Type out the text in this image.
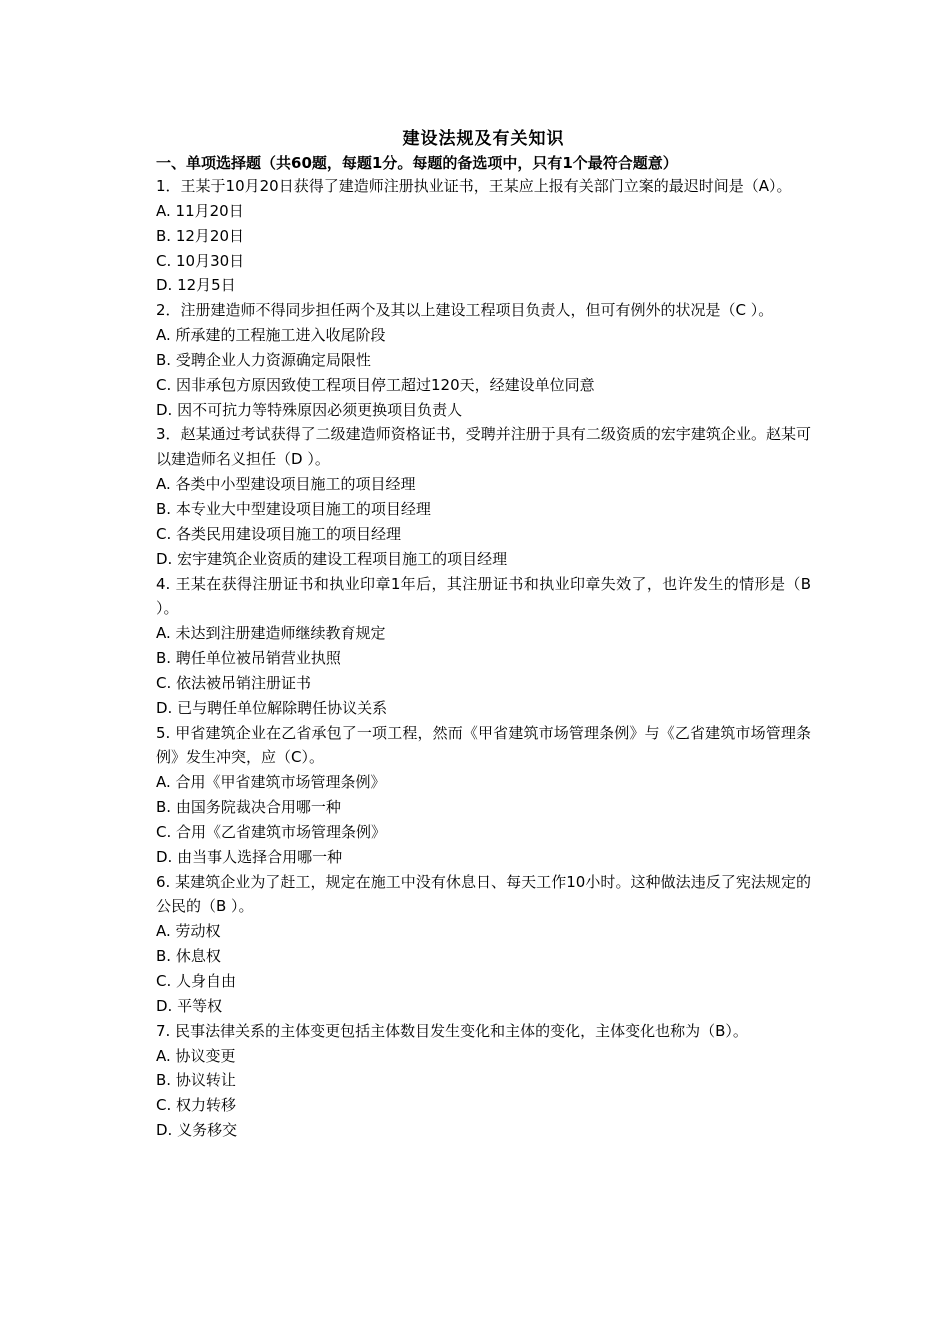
建设法规及有关知识

一、单项选择题（共60题，每题1分。每题的备选项中，只有1个最符合题意）

1．王某于10月20日获得了建造师注册执业证书，王某应上报有关部门立案的最迟时间是（A）。

A. 11月20日

B. 12月20日

C. 10月30日

D. 12月5日

2．注册建造师不得同步担任两个及其以上建设工程项目负责人，但可有例外的状况是（C ）。

A. 所承建的工程施工进入收尾阶段

B. 受聘企业人力资源确定局限性

C. 因非承包方原因致使工程项目停工超过120天，经建设单位同意

D. 因不可抗力等特殊原因必须更换项目负责人

3．赵某通过考试获得了二级建造师资格证书，受聘并注册于具有二级资质的宏宇建筑企业。赵某可以建造师名义担任（D ）。

A. 各类中小型建设项目施工的项目经理

B. 本专业大中型建设项目施工的项目经理

C. 各类民用建设项目施工的项目经理

D. 宏宇建筑企业资质的建设工程项目施工的项目经理

4. 王某在获得注册证书和执业印章1年后，其注册证书和执业印章失效了，也许发生的情形是（B ）。

A. 未达到注册建造师继续教育规定

B. 聘任单位被吊销营业执照

C. 依法被吊销注册证书

D. 已与聘任单位解除聘任协议关系

5. 甲省建筑企业在乙省承包了一项工程，然而《甲省建筑市场管理条例》与《乙省建筑市场管理条例》发生冲突，应（C）。

A. 合用《甲省建筑市场管理条例》

B. 由国务院裁决合用哪一种

C. 合用《乙省建筑市场管理条例》

D. 由当事人选择合用哪一种

6. 某建筑企业为了赶工，规定在施工中没有休息日、每天工作10小时。这种做法违反了宪法规定的公民的（B ）。

A. 劳动权

B. 休息权

C. 人身自由

D. 平等权

7. 民事法律关系的主体变更包括主体数目发生变化和主体的变化，主体变化也称为（B）。

A. 协议变更

B. 协议转让

C. 权力转移

D. 义务移交
